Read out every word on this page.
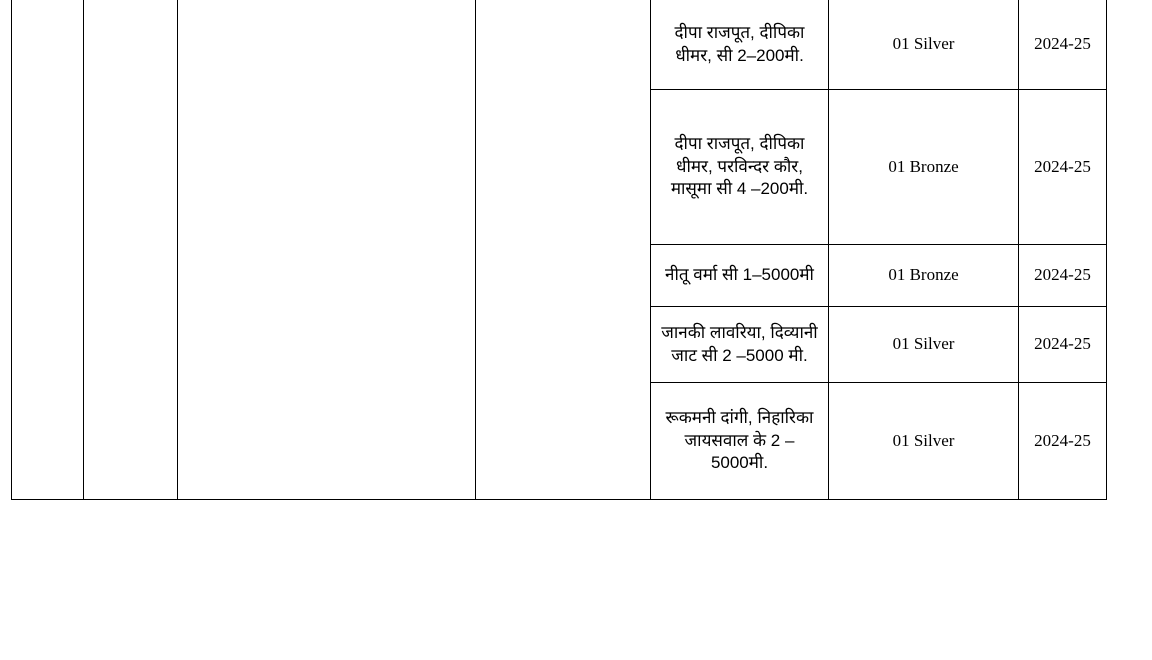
				दीपा राजपूत, दीपिका धीमर, सी 2–200मी.	01 Silver	2024-25
				दीपा राजपूत, दीपिका धीमर, परविन्दर कौर, मासूमा सी 4 –200मी.	01 Bronze	2024-25
				नीतू वर्मा सी 1–5000मी	01 Bronze	2024-25
				जानकी लावरिया, दिव्यानी जाट सी 2 –5000 मी.	01 Silver	2024-25
				रूकमनी दांगी, निहारिका जायसवाल के 2 –5000मी.	01 Silver	2024-25
